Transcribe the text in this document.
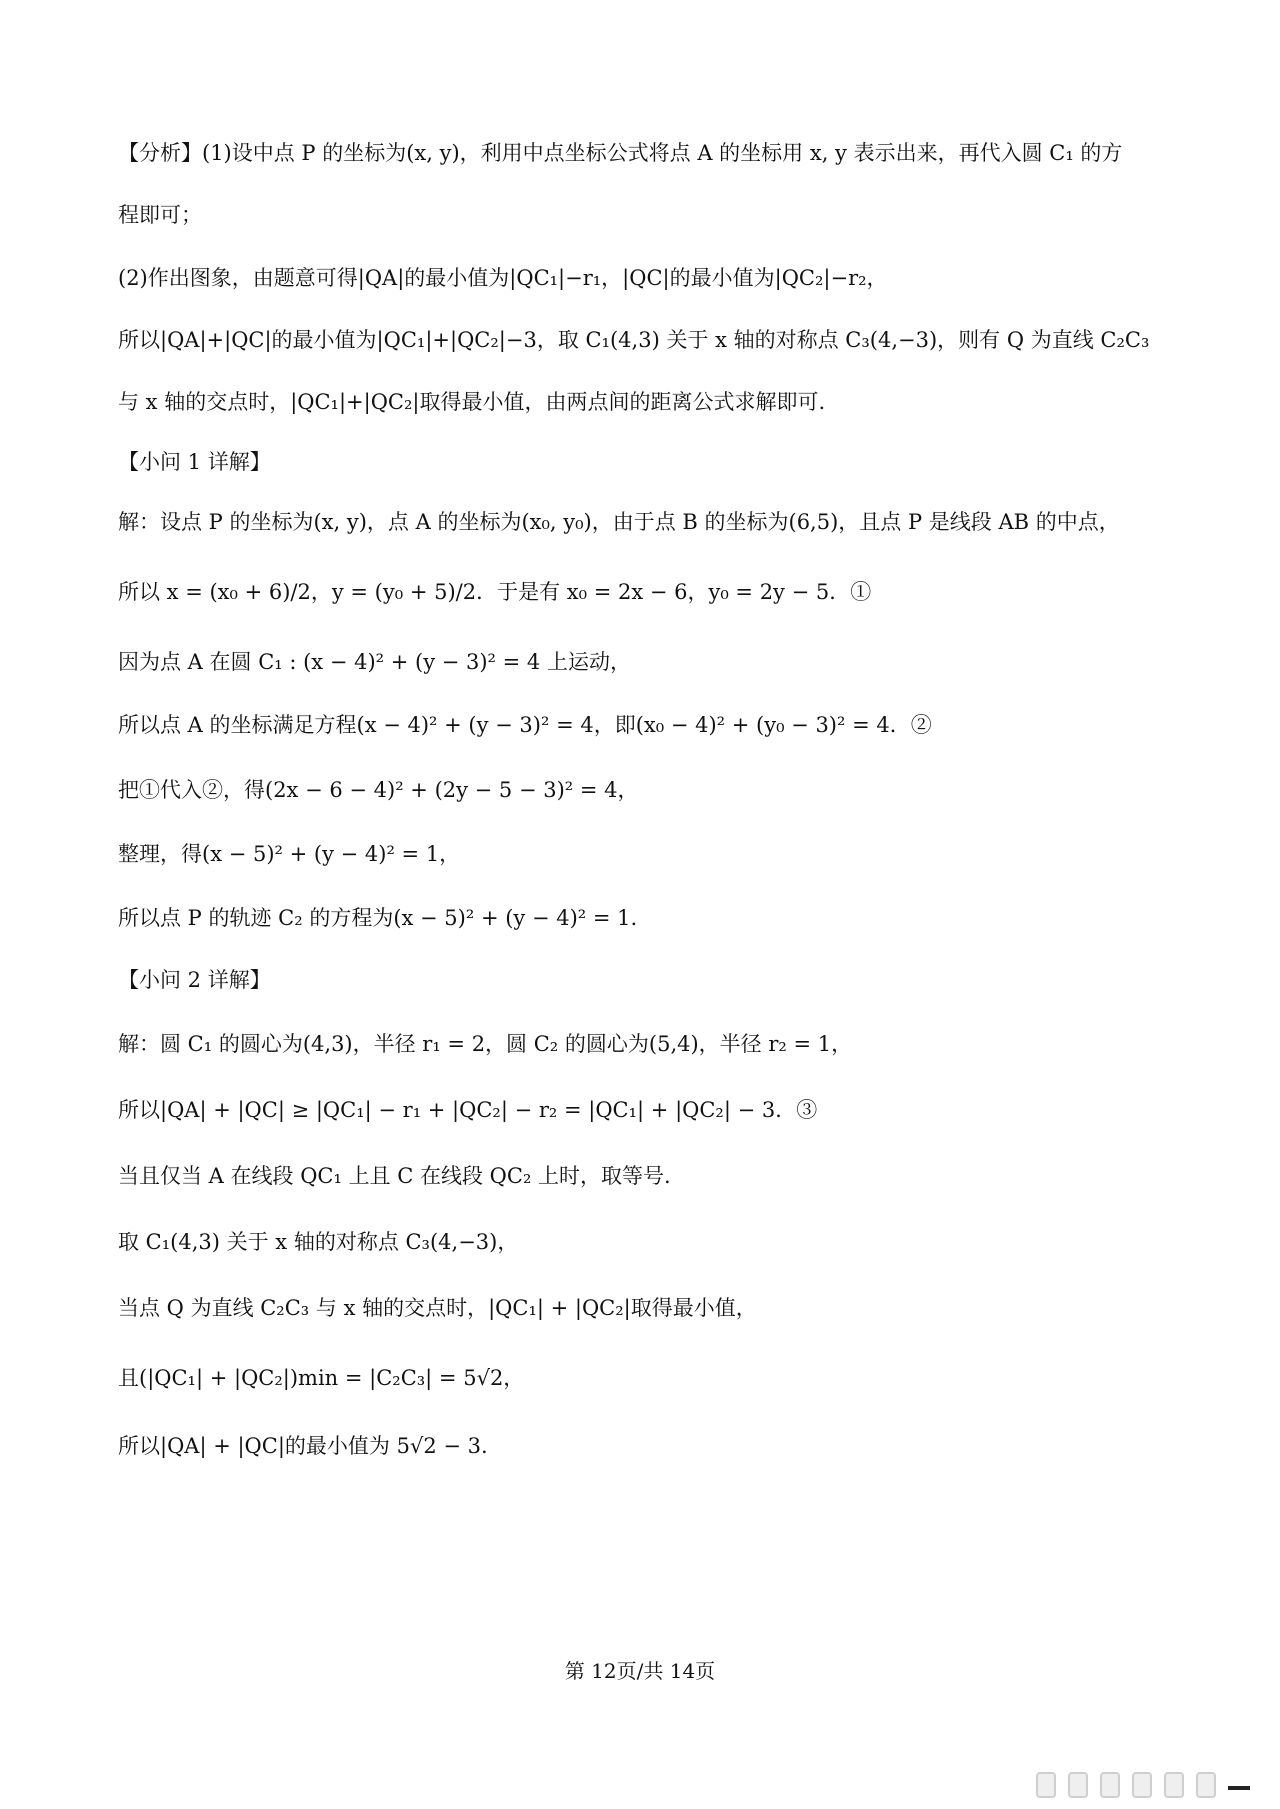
【分析】(1)设中点 P 的坐标为(x, y)，利用中点坐标公式将点 A 的坐标用 x, y 表示出来，再代入圆 C₁ 的方
程即可；
(2)作出图象，由题意可得|QA|的最小值为|QC₁|−r₁，|QC|的最小值为|QC₂|−r₂，
所以|QA|+|QC|的最小值为|QC₁|+|QC₂|−3，取 C₁(4,3) 关于 x 轴的对称点 C₃(4,−3)，则有 Q 为直线 C₂C₃
与 x 轴的交点时，|QC₁|+|QC₂|取得最小值，由两点间的距离公式求解即可.
【小问 1 详解】
解：设点 P 的坐标为(x, y)，点 A 的坐标为(x₀, y₀)，由于点 B 的坐标为(6,5)，且点 P 是线段 AB 的中点，
所以 x = (x₀ + 6)/2，y = (y₀ + 5)/2．于是有 x₀ = 2x − 6，y₀ = 2y − 5．①
因为点 A 在圆 C₁ : (x − 4)² + (y − 3)² = 4 上运动，
所以点 A 的坐标满足方程(x − 4)² + (y − 3)² = 4，即(x₀ − 4)² + (y₀ − 3)² = 4．②
把①代入②，得(2x − 6 − 4)² + (2y − 5 − 3)² = 4，
整理，得(x − 5)² + (y − 4)² = 1，
所以点 P 的轨迹 C₂ 的方程为(x − 5)² + (y − 4)² = 1.
【小问 2 详解】
解：圆 C₁ 的圆心为(4,3)，半径 r₁ = 2，圆 C₂ 的圆心为(5,4)，半径 r₂ = 1，
所以|QA| + |QC| ≥ |QC₁| − r₁ + |QC₂| − r₂ = |QC₁| + |QC₂| − 3．③
当且仅当 A 在线段 QC₁ 上且 C 在线段 QC₂ 上时，取等号.
取 C₁(4,3) 关于 x 轴的对称点 C₃(4,−3)，
当点 Q 为直线 C₂C₃ 与 x 轴的交点时，|QC₁| + |QC₂|取得最小值，
且(|QC₁| + |QC₂|)min = |C₂C₃| = 5√2，
所以|QA| + |QC|的最小值为 5√2 − 3.
第 12页/共 14页
